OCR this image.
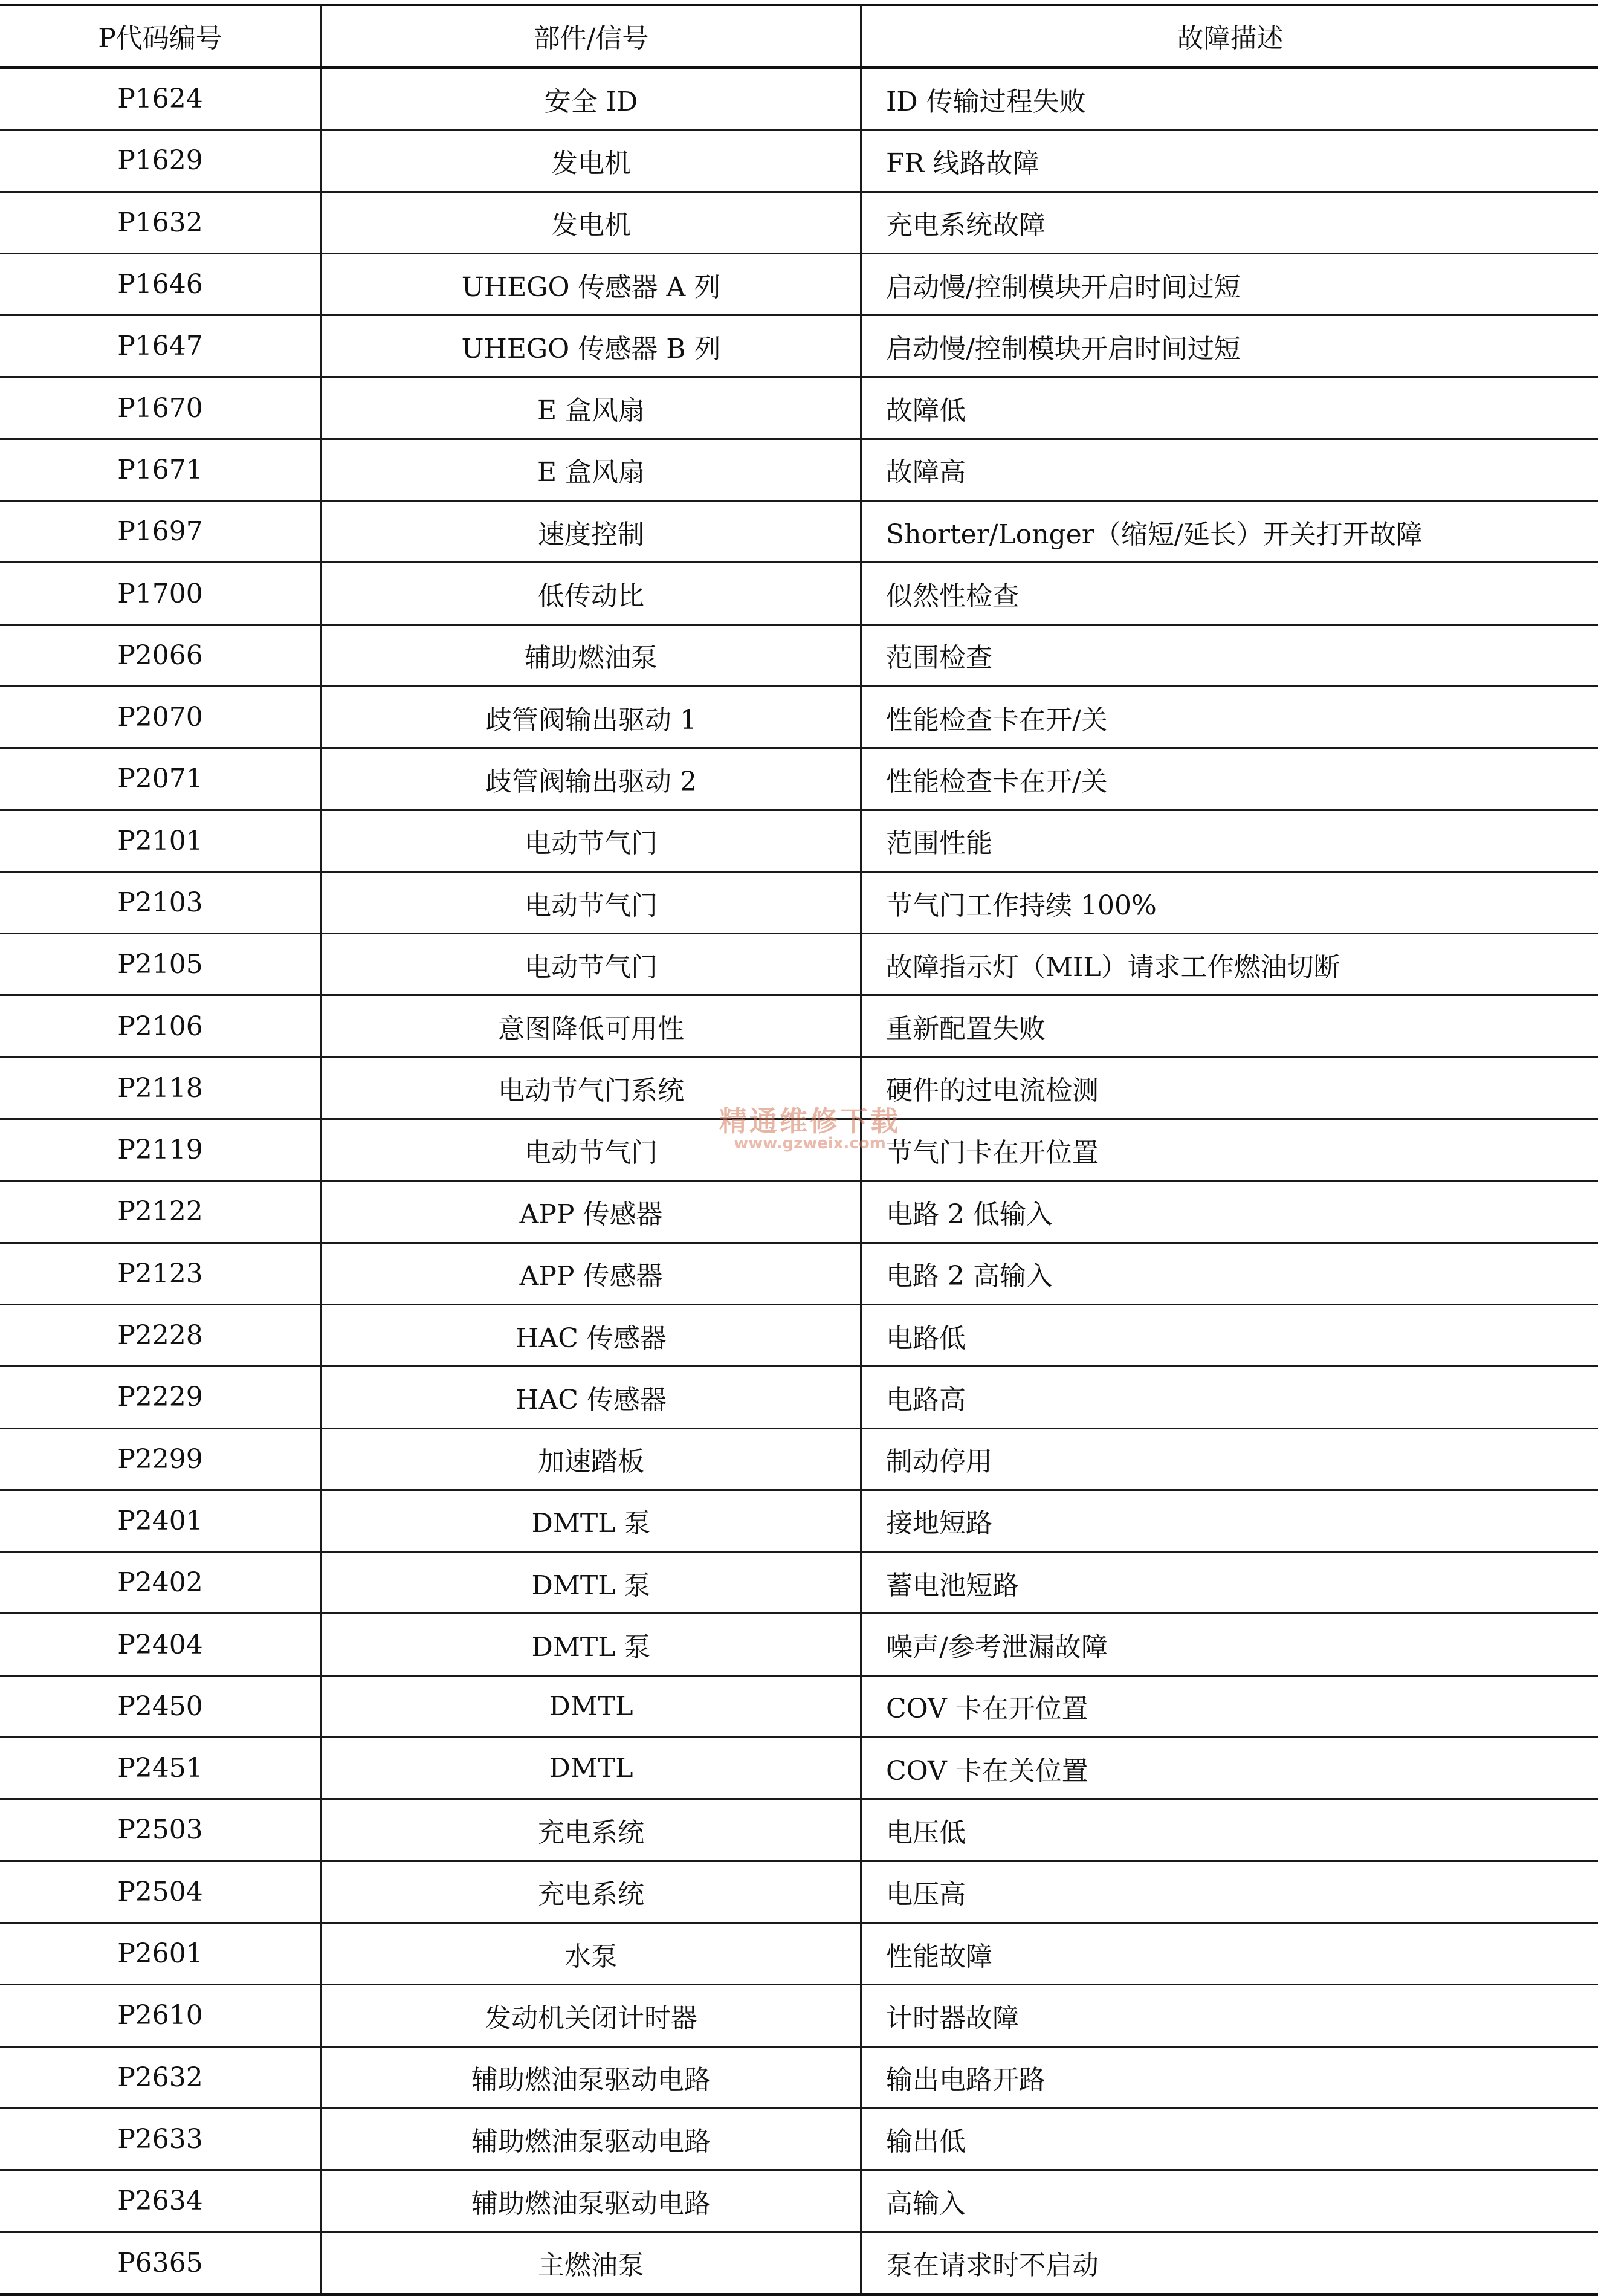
P代码编号	部件/信号	故障描述
P1624	安全 ID	ID 传输过程失败
P1629	发电机	FR 线路故障
P1632	发电机	充电系统故障
P1646	UHEGO 传感器 A 列	启动慢/控制模块开启时间过短
P1647	UHEGO 传感器 B 列	启动慢/控制模块开启时间过短
P1670	E 盒风扇	故障低
P1671	E 盒风扇	故障高
P1697	速度控制	Shorter/Longer（缩短/延长）开关打开故障
P1700	低传动比	似然性检查
P2066	辅助燃油泵	范围检查
P2070	歧管阀输出驱动 1	性能检查卡在开/关
P2071	歧管阀输出驱动 2	性能检查卡在开/关
P2101	电动节气门	范围性能
P2103	电动节气门	节气门工作持续 100%
P2105	电动节气门	故障指示灯（MIL）请求工作燃油切断
P2106	意图降低可用性	重新配置失败
P2118	电动节气门系统	硬件的过电流检测
P2119	电动节气门	节气门卡在开位置
P2122	APP 传感器	电路 2 低输入
P2123	APP 传感器	电路 2 高输入
P2228	HAC 传感器	电路低
P2229	HAC 传感器	电路高
P2299	加速踏板	制动停用
P2401	DMTL 泵	接地短路
P2402	DMTL 泵	蓄电池短路
P2404	DMTL 泵	噪声/参考泄漏故障
P2450	DMTL	COV 卡在开位置
P2451	DMTL	COV 卡在关位置
P2503	充电系统	电压低
P2504	充电系统	电压高
P2601	水泵	性能故障
P2610	发动机关闭计时器	计时器故障
P2632	辅助燃油泵驱动电路	输出电路开路
P2633	辅助燃油泵驱动电路	输出低
P2634	辅助燃油泵驱动电路	高输入
P6365	主燃油泵	泵在请求时不启动
精通维修下载
www.gzweix.com
